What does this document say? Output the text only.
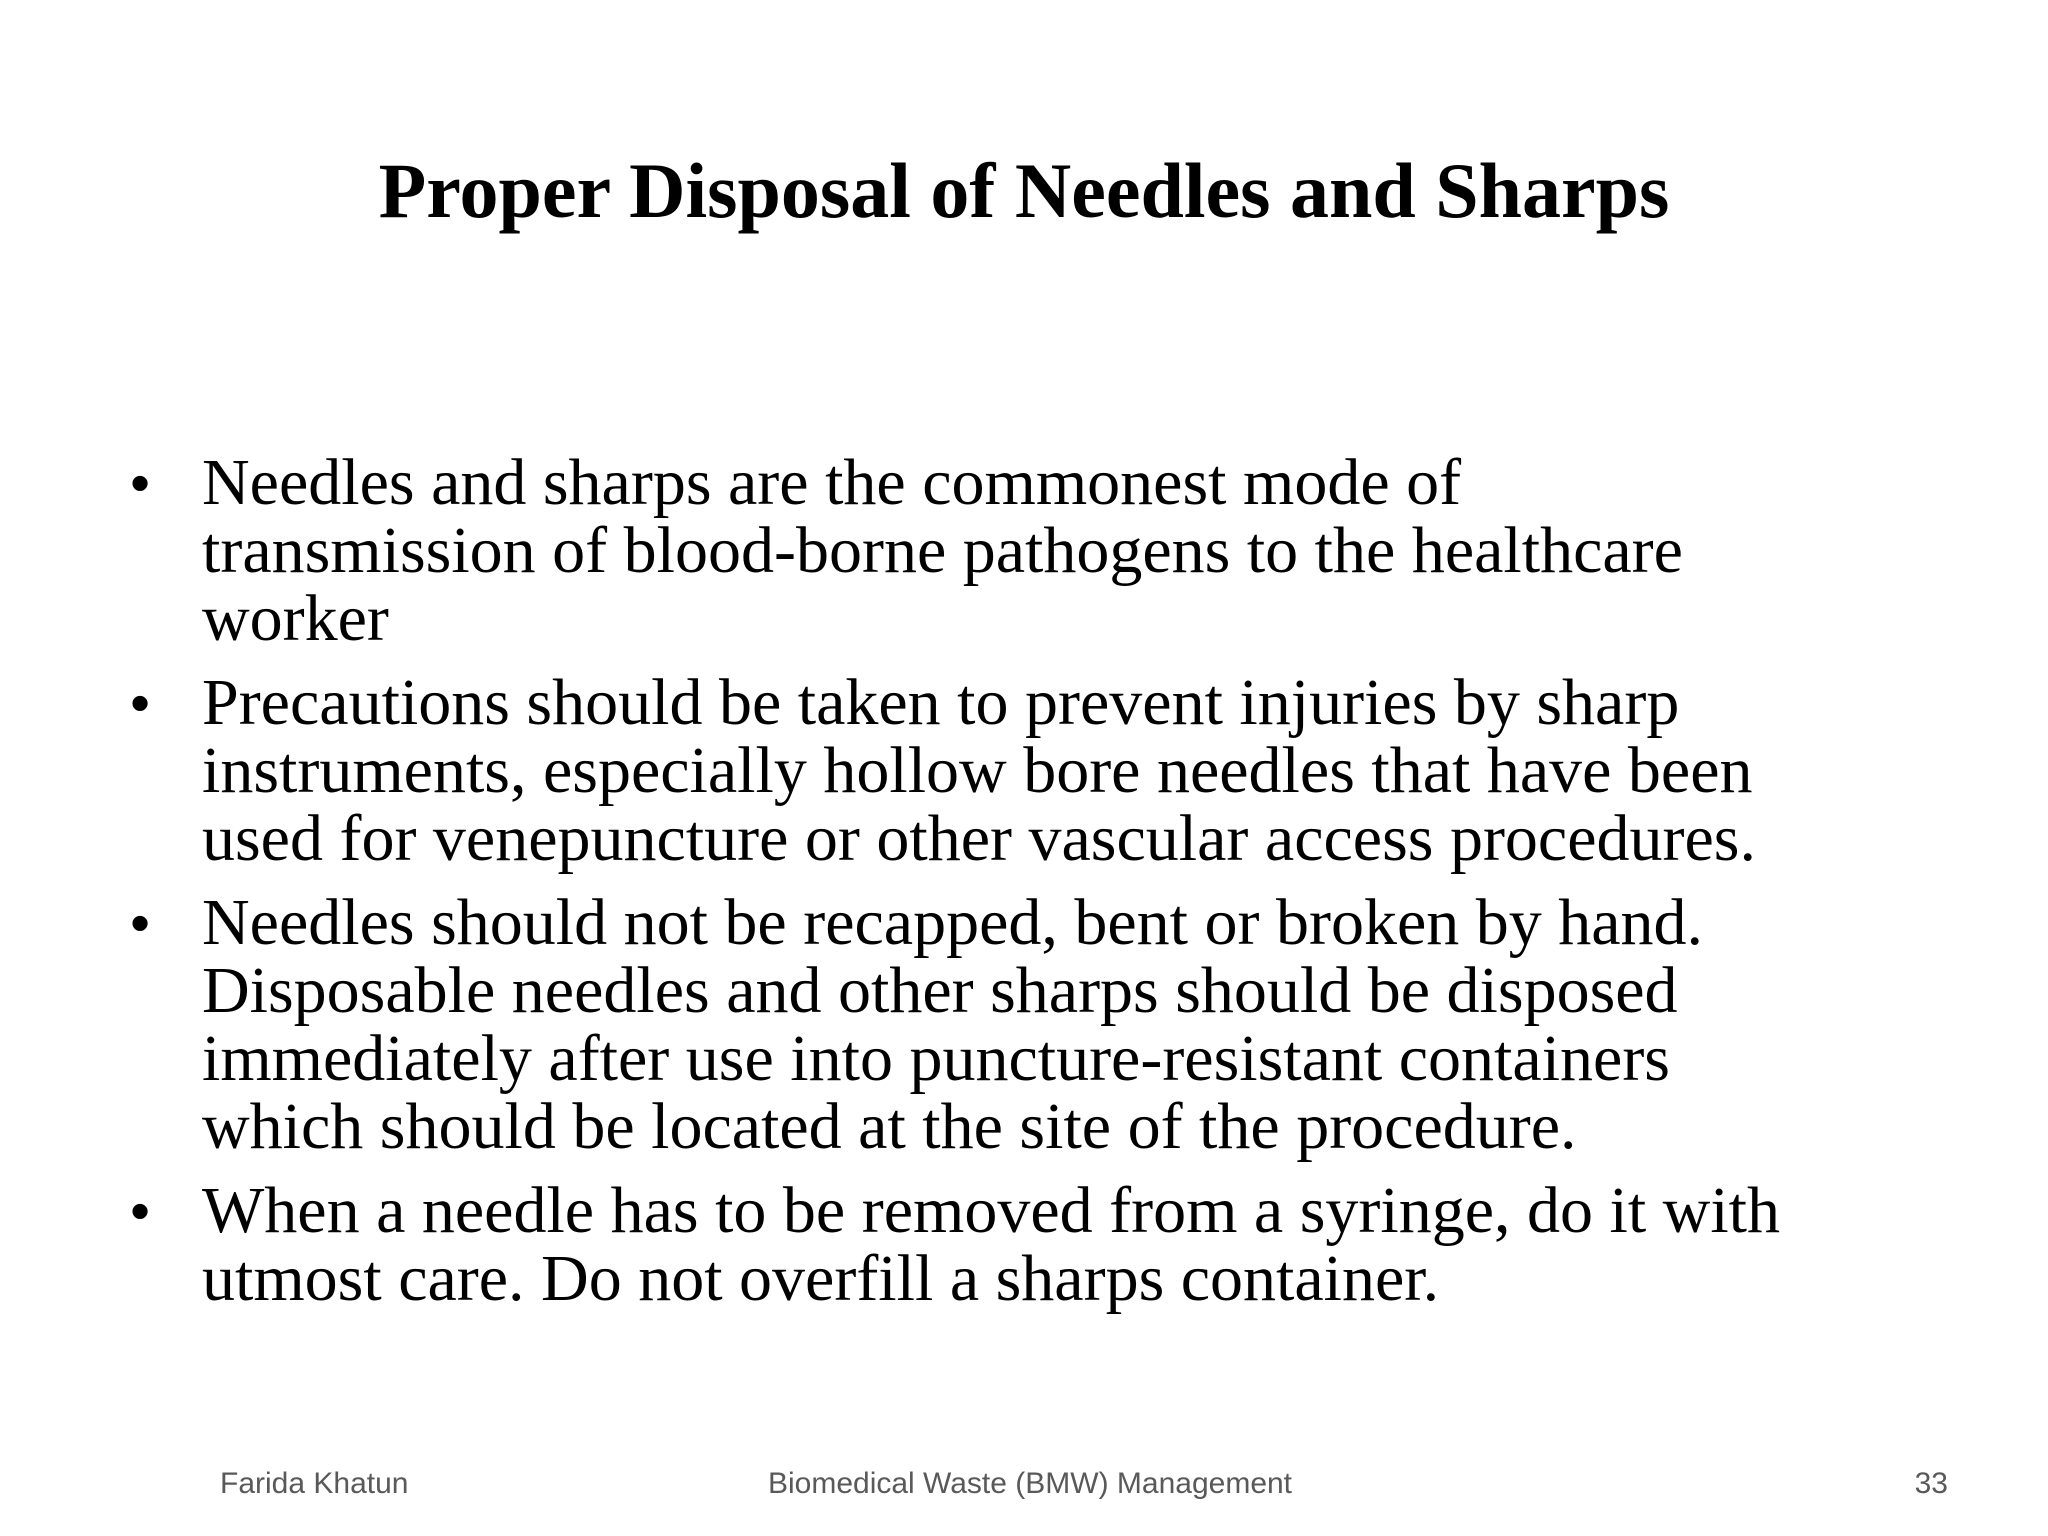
Proper Disposal of Needles and Sharps
• Needles and sharps are the commonest mode of
transmission of blood-borne pathogens to the healthcare
worker
• Precautions should be taken to prevent injuries by sharp
instruments, especially hollow bore needles that have been
used for venepuncture or other vascular access procedures.
• Needles should not be recapped, bent or broken by hand.
Disposable needles and other sharps should be disposed
immediately after use into puncture-resistant containers
which should be located at the site of the procedure.
• When a needle has to be removed from a syringe, do it with
utmost care. Do not overfill a sharps container.
Farida Khatun	Biomedical Waste (BMW) Management	33
